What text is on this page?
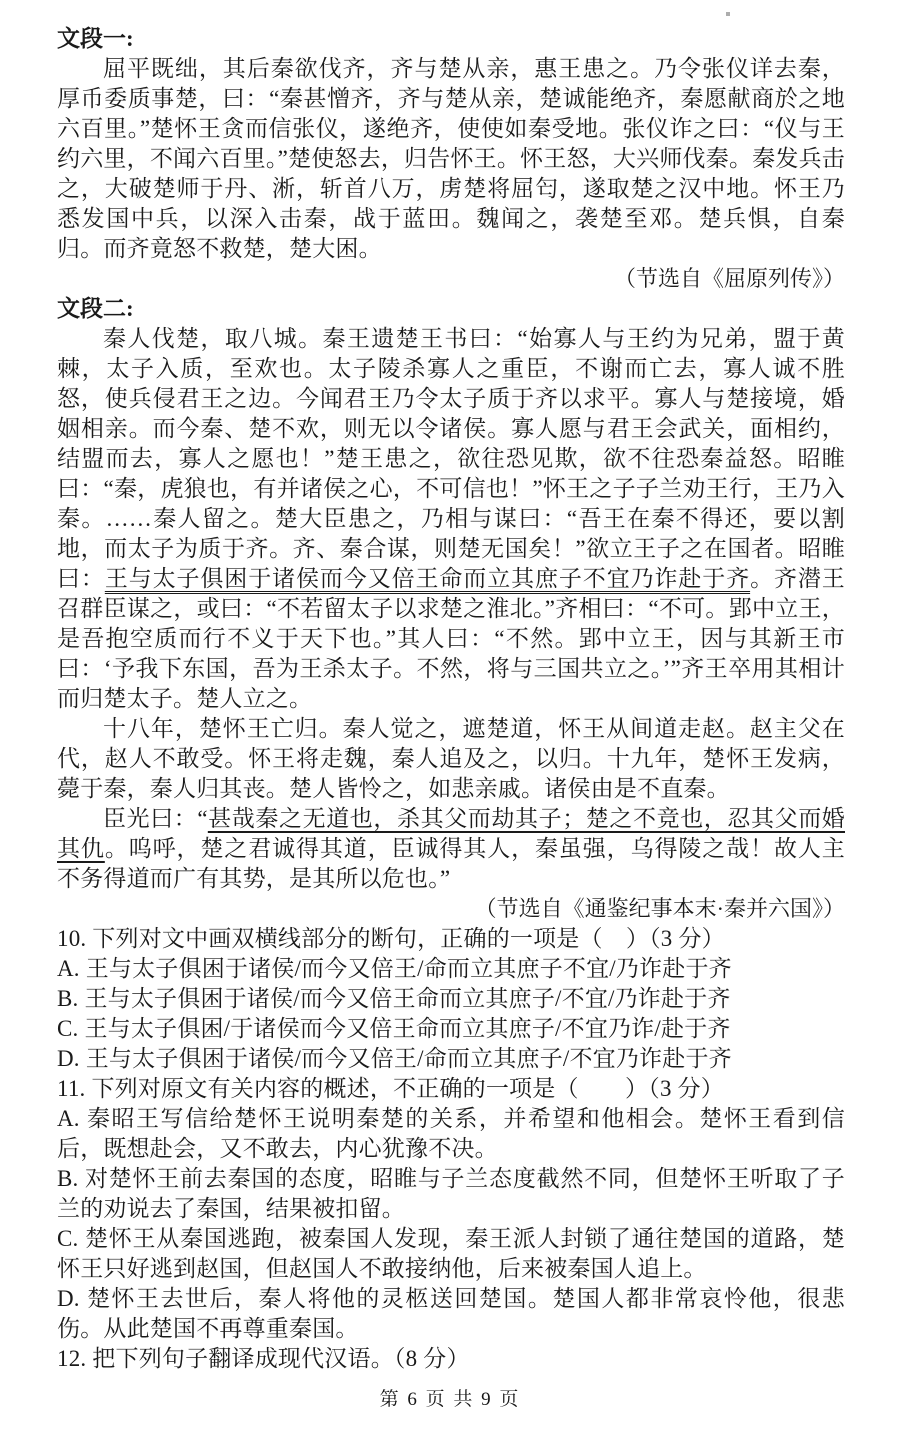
文段一:

屈平既绌，其后秦欲伐齐，齐与楚从亲，惠王患之。乃令张仪详去秦，厚币委质事楚，曰：“秦甚憎齐，齐与楚从亲，楚诚能绝齐，秦愿献商於之地六百里。”楚怀王贪而信张仪，遂绝齐，使使如秦受地。张仪诈之曰：“仪与王约六里，不闻六百里。”楚使怒去，归告怀王。怀王怒，大兴师伐秦。秦发兵击之，大破楚师于丹、淅，斩首八万，虏楚将屈匄，遂取楚之汉中地。怀王乃悉发国中兵，以深入击秦，战于蓝田。魏闻之，袭楚至邓。楚兵惧，自秦归。而齐竟怒不救楚，楚大困。

（节选自《屈原列传》）

文段二:

秦人伐楚，取八城。秦王遗楚王书曰：“始寡人与王约为兄弟，盟于黄棘，太子入质，至欢也。太子陵杀寡人之重臣，不谢而亡去，寡人诚不胜怒，使兵侵君王之边。今闻君王乃令太子质于齐以求平。寡人与楚接境，婚姻相亲。而今秦、楚不欢，则无以令诸侯。寡人愿与君王会武关，面相约，结盟而去，寡人之愿也！”楚王患之，欲往恐见欺，欲不往恐秦益怒。昭睢曰：“秦，虎狼也，有并诸侯之心，不可信也！”怀王之子子兰劝王行，王乃入秦。……秦人留之。楚大臣患之，乃相与谋曰：“吾王在秦不得还，要以割地，而太子为质于齐。齐、秦合谋，则楚无国矣！”欲立王子之在国者。昭睢曰：王与太子俱困于诸侯而今又倍王命而立其庶子不宜乃诈赴于齐。齐潜王召群臣谋之，或曰：“不若留太子以求楚之淮北。”齐相曰：“不可。郢中立王，是吾抱空质而行不义于天下也。”其人曰：“不然。郢中立王，因与其新王市曰：‘予我下东国，吾为王杀太子。不然，将与三国共立之。’”齐王卒用其相计而归楚太子。楚人立之。

十八年，楚怀王亡归。秦人觉之，遮楚道，怀王从间道走赵。赵主父在代，赵人不敢受。怀王将走魏，秦人追及之，以归。十九年，楚怀王发病，薨于秦，秦人归其丧。楚人皆怜之，如悲亲戚。诸侯由是不直秦。

臣光曰：“甚哉秦之无道也，杀其父而劫其子；楚之不竞也，忍其父而婚其仇。呜呼，楚之君诚得其道，臣诚得其人，秦虽强，乌得陵之哉！故人主不务得道而广有其势，是其所以危也。”

（节选自《通鉴纪事本末·秦并六国》）

10. 下列对文中画双横线部分的断句，正确的一项是（　）（3 分）

A. 王与太子俱困于诸侯/而今又倍王/命而立其庶子不宜/乃诈赴于齐

B. 王与太子俱困于诸侯/而今又倍王命而立其庶子/不宜/乃诈赴于齐

C. 王与太子俱困/于诸侯而今又倍王命而立其庶子/不宜乃诈/赴于齐

D. 王与太子俱困于诸侯/而今又倍王/命而立其庶子/不宜乃诈赴于齐

11. 下列对原文有关内容的概述，不正确的一项是（　　）（3 分）

A. 秦昭王写信给楚怀王说明秦楚的关系，并希望和他相会。楚怀王看到信后，既想赴会，又不敢去，内心犹豫不决。

B. 对楚怀王前去秦国的态度，昭睢与子兰态度截然不同，但楚怀王听取了子兰的劝说去了秦国，结果被扣留。

C. 楚怀王从秦国逃跑，被秦国人发现，秦王派人封锁了通往楚国的道路，楚怀王只好逃到赵国，但赵国人不敢接纳他，后来被秦国人追上。

D. 楚怀王去世后，秦人将他的灵柩送回楚国。楚国人都非常哀怜他，很悲伤。从此楚国不再尊重秦国。

12. 把下列句子翻译成现代汉语。（8 分）

第 6 页 共 9 页
